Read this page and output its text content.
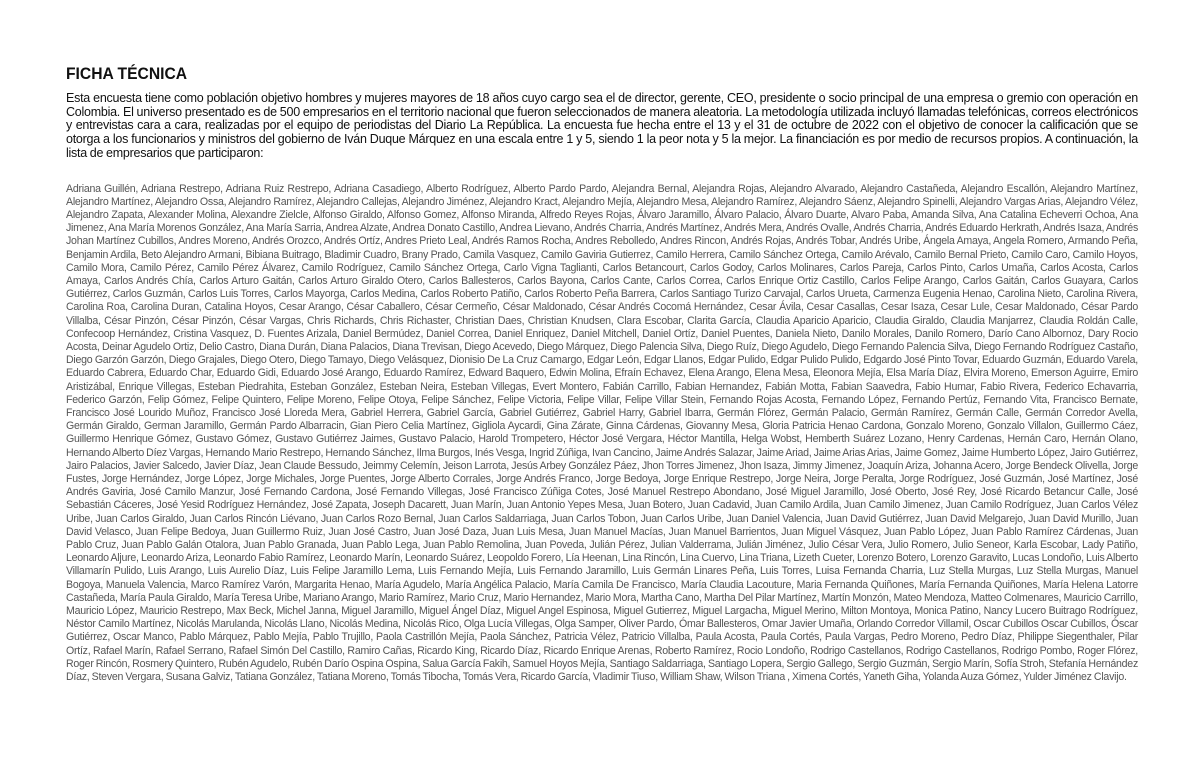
FICHA TÉCNICA

Esta encuesta tiene como población objetivo hombres y mujeres mayores de 18 años cuyo cargo sea el de director, gerente, CEO, presidente o socio principal de una empresa o gremio con operación en Colombia. El universo presentado es de 500 empresarios en el territorio nacional que fueron seleccionados de manera aleatoria. La metodología utilizada incluyó llamadas telefónicas, correos electrónicos y entrevistas cara a cara, realizadas por el equipo de periodistas del Diario La República. La encuesta fue hecha entre el 13 y el 31 de octubre de 2022 con el objetivo de conocer la calificación que se otorga a los funcionarios y ministros del gobierno de Iván Duque Márquez en una escala entre 1 y 5, siendo 1 la peor nota y 5 la mejor. La financiación es por medio de recursos propios. A continuación, la lista de empresarios que participaron:

Adriana Guillén, Adriana Restrepo, Adriana Ruiz Restrepo, Adriana Casadiego, Alberto Rodríguez, Alberto Pardo Pardo, Alejandra Bernal, Alejandra Rojas, Alejandro Alvarado, Alejandro Castañeda, Alejandro Escallón, Alejandro Martínez, Alejandro Martínez, Alejandro Ossa, Alejandro Ramírez, Alejandro Callejas, Alejandro Jiménez, Alejandro Kract, Alejandro Mejía, Alejandro Mesa, Alejandro Ramírez, Alejandro Sáenz, Alejandro Spinelli, Alejandro Vargas Arias, Alejandro Vélez, Alejandro Zapata, Alexander Molina, Alexandre Zielcle, Alfonso Giraldo, Alfonso Gomez, Alfonso Miranda, Alfredo Reyes Rojas, Álvaro Jaramillo, Álvaro Palacio, Álvaro Duarte, Alvaro Paba, Amanda Silva, Ana Catalina Echeverri Ochoa, Ana Jimenez, Ana María Morenos González, Ana María Sarria, Andrea Alzate, Andrea Donato Castillo, Andrea Lievano, Andrés Charria, Andrés Martínez, Andrés Mera, Andrés Ovalle, Andrés Charria, Andrés Eduardo Herkrath, Andrés Isaza, Andrés Johan Martínez Cubillos, Andres Moreno, Andrés Orozco, Andrés Ortíz, Andres Prieto Leal, Andrés Ramos Rocha, Andres Rebolledo, Andres Rincon, Andrés Rojas, Andrés Tobar, Andrés Uribe, Ángela Amaya, Angela Romero, Armando Peña, Benjamin Ardila, Beto Alejandro Armani, Bibiana Buitrago, Bladimir Cuadro, Brany Prado, Camila Vasquez, Camilo Gaviria Gutierrez, Camilo Herrera, Camilo Sánchez Ortega, Camilo Arévalo, Camilo Bernal Prieto, Camilo Caro, Camilo Hoyos, Camilo Mora, Camilo Pérez, Camilo Pérez Álvarez, Camilo Rodríguez, Camilo Sánchez Ortega, Carlo Vigna Taglianti, Carlos Betancourt, Carlos Godoy, Carlos Molinares, Carlos Pareja, Carlos Pinto, Carlos Umaña, Carlos Acosta, Carlos Amaya, Carlos Andrés Chía, Carlos Arturo Gaitán, Carlos Arturo Giraldo Otero, Carlos Ballesteros, Carlos Bayona, Carlos Cante, Carlos Correa, Carlos Enrique Ortiz Castillo, Carlos Felipe Arango, Carlos Gaitán, Carlos Guayara, Carlos Gutiérrez, Carlos Guzmán, Carlos Luis Torres, Carlos Mayorga, Carlos Medina, Carlos Roberto Patiño, Carlos Roberto Peña Barrera, Carlos Santiago Turizo Carvajal, Carlos Urueta, Carmenza Eugenia Henao, Carolina Nieto, Carolina Rivera, Carolina Roa, Carolina Duran, Catalina Hoyos, Cesar Arango, César Caballero, César Cermeño, César Maldonado, César Andrés Cocomá Hernández, Cesar Ávila, Cesar Casallas, Cesar Isaza, Cesar Lule, Cesar Maldonado, César Pardo Villalba, César Pinzón, César Pinzón, César Vargas, Chris Richards, Chris Richaster, Christian Daes, Christian Knudsen, Clara Escobar, Clarita García, Claudia Aparicio Aparicio, Claudia Giraldo, Claudia Manjarrez, Claudia Roldán Calle, Confecoop Hernández, Cristina Vasquez, D. Fuentes Arizala, Daniel Bermúdez, Daniel Correa, Daniel Enriquez, Daniel Mitchell, Daniel Ortíz, Daniel Puentes, Daniela Nieto, Danilo Morales, Danilo Romero, Darío Cano Albornoz, Dary Rocio Acosta, Deinar Agudelo Ortiz, Delio Castro, Diana Durán, Diana Palacios, Diana Trevisan, Diego Acevedo, Diego Márquez, Diego Palencia Silva, Diego Ruíz, Diego Agudelo, Diego Fernando Palencia Silva, Diego Fernando Rodríguez Castaño, Diego Garzón Garzón, Diego Grajales, Diego Otero, Diego Tamayo, Diego Velásquez, Dionisio De La Cruz Camargo, Edgar León, Edgar Llanos, Edgar Pulido, Edgar Pulido Pulido, Edgardo José Pinto Tovar, Eduardo Guzmán, Eduardo Varela, Eduardo Cabrera, Eduardo Char, Eduardo Gidi, Eduardo José Arango, Eduardo Ramírez, Edward Baquero, Edwin Molina, Efraín Echavez, Elena Arango, Elena Mesa, Eleonora Mejía, Elsa María Díaz, Elvira Moreno, Emerson Aguirre, Emiro Aristizábal, Enrique Villegas, Esteban Piedrahita, Esteban González, Esteban Neira, Esteban Villegas, Evert Montero, Fabián Carrillo, Fabian Hernandez, Fabián Motta, Fabian Saavedra, Fabio Humar, Fabio Rivera, Federico Echavarria, Federico Garzón, Felip Gómez, Felipe Quintero, Felipe Moreno, Felipe Otoya, Felipe Sánchez, Felipe Victoria, Felipe Villar, Felipe Villar Stein, Fernando Rojas Acosta, Fernando López, Fernando Pertúz, Fernando Vita, Francisco Bernate, Francisco José Lourido Muñoz, Francisco José Lloreda Mera, Gabriel Herrera, Gabriel García, Gabriel Gutiérrez, Gabriel Harry, Gabriel Ibarra, Germán Flórez, Germán Palacio, Germán Ramírez, Germán Calle, Germán Corredor Avella, Germán Giraldo, German Jaramillo, Germán Pardo Albarracin, Gian Piero Celia Martínez, Gigliola Aycardi, Gina Zárate, Ginna Cárdenas, Giovanny Mesa, Gloria Patricia Henao Cardona, Gonzalo Moreno, Gonzalo Villalon, Guillermo Cáez, Guillermo Henrique Gómez, Gustavo Gómez, Gustavo Gutiérrez Jaimes, Gustavo Palacio, Harold Trompetero, Héctor José Vergara, Héctor Mantilla, Helga Wobst, Hemberth Suárez Lozano, Henry Cardenas, Hernán Caro, Hernán Olano, Hernando Alberto Díez Vargas, Hernando Mario Restrepo, Hernando Sánchez, Ilma Burgos, Inés Vesga, Ingrid Zúñiga, Ivan Cancino, Jaime Andrés Salazar, Jaime Ariad, Jaime Arias Arias, Jaime Gomez, Jaime Humberto López, Jairo Gutiérrez, Jairo Palacios, Javier Salcedo, Javier Díaz, Jean Claude Bessudo, Jeimmy Celemín, Jeison Larrota, Jesús Arbey González Páez, Jhon Torres Jimenez, Jhon Isaza, Jimmy Jimenez, Joaquín Ariza, Johanna Acero, Jorge Bendeck Olivella, Jorge Fustes, Jorge Hernández, Jorge López, Jorge Michales, Jorge Puentes, Jorge Alberto Corrales, Jorge Andrés Franco, Jorge Bedoya, Jorge Enrique Restrepo, Jorge Neira, Jorge Peralta, Jorge Rodríguez, José Guzmán, José Martínez, José Andrés Gaviria, José Camilo Manzur, José Fernando Cardona, José Fernando Villegas, José Francisco Zúñiga Cotes, José Manuel Restrepo Abondano, José Miguel Jaramillo, José Oberto, José Rey, José Ricardo Betancur Calle, José Sebastián Cáceres, José Yesid Rodríguez Hernández, José Zapata, Joseph Dacarett, Juan Marín, Juan Antonio Yepes Mesa, Juan Botero, Juan Cadavid, Juan Camilo Ardila, Juan Camilo Jimenez, Juan Camilo Rodríguez, Juan Carlos Vélez Uribe, Juan Carlos Giraldo, Juan Carlos Rincón Liévano, Juan Carlos Rozo Bernal, Juan Carlos Saldarriaga, Juan Carlos Tobon, Juan Carlos Uribe, Juan Daniel Valencia, Juan David Gutiérrez, Juan David Melgarejo, Juan David Murillo, Juan David Velasco, Juan Felipe Bedoya, Juan Guillermo Ruiz, Juan José Castro, Juan José Daza, Juan Luis Mesa, Juan Manuel Macías, Juan Manuel Barrientos, Juan Miguel Vásquez, Juan Pablo López, Juan Pablo Ramírez Cárdenas, Juan Pablo Cruz, Juan Pablo Galán Otalora, Juan Pablo Granada, Juan Pablo Lega, Juan Pablo Remolina, Juan Poveda, Julián Pérez, Julian Valderrama, Julián Jiménez, Julio César Vera, Julio Romero, Julio Seneor, Karla Escobar, Lady Patiño, Leonardo Aljure, Leonardo Ariza, Leonardo Fabio Ramírez, Leonardo Marín, Leonardo Suárez, Leopoldo Forero, Lía Heenan, Lina Rincón, Lina Cuervo, Lina Triana, Lizeth Cueter, Lorenzo Botero, Lorenzo Garavito, Lucas Londoño, Luis Alberto Villamarín Pulido, Luis Arango, Luis Aurelio Díaz, Luis Felipe Jaramillo Lema, Luis Fernando Mejía, Luis Fernando Jaramillo, Luis Germán Linares Peña, Luis Torres, Luisa Fernanda Charria, Luz Stella Murgas, Luz Stella Murgas, Manuel Bogoya, Manuela Valencia, Marco Ramírez Varón, Margarita Henao, María Agudelo, María Angélica Palacio, María Camila De Francisco, María Claudia Lacouture, Maria Fernanda Quiñones, María Fernanda Quiñones, María Helena Latorre Castañeda, María Paula Giraldo, María Teresa Uribe, Mariano Arango, Mario Ramírez, Mario Cruz, Mario Hernandez, Mario Mora, Martha Cano, Martha Del Pilar Martínez, Martín Monzón, Mateo Mendoza, Matteo Colmenares, Mauricio Carrillo, Mauricio López, Mauricio Restrepo, Max Beck, Michel Janna, Miguel Jaramillo, Miguel Ángel Díaz, Miguel Angel Espinosa, Miguel Gutierrez, Miguel Largacha, Miguel Merino, Milton Montoya, Monica Patino, Nancy Lucero Buitrago Rodríguez, Néstor Camilo Martínez, Nicolás Marulanda, Nicolás Llano, Nicolás Medina, Nicolás Rico, Olga Lucía Villegas, Olga Samper, Oliver Pardo, Ómar Ballesteros, Omar Javier Umaña, Orlando Corredor Villamil, Oscar Cubillos Oscar Cubillos, Óscar Gutiérrez, Oscar Manco, Pablo Márquez, Pablo Mejía, Pablo Trujillo, Paola Castrillón Mejía, Paola Sánchez, Patricia Vélez, Patricio Villalba, Paula Acosta, Paula Cortés, Paula Vargas, Pedro Moreno, Pedro Díaz, Philippe Siegenthaler, Pilar Ortíz, Rafael Marín, Rafael Serrano, Rafael Simón Del Castillo, Ramiro Cañas, Ricardo King, Ricardo Díaz, Ricardo Enrique Arenas, Roberto Ramírez, Rocio Londoño, Rodrigo Castellanos, Rodrigo Castellanos, Rodrigo Pombo, Roger Flórez, Roger Rincón, Rosmery Quintero, Rubén Agudelo, Rubén Darío Ospina Ospina, Salua García Fakih, Samuel Hoyos Mejía, Santiago Saldarriaga, Santiago Lopera, Sergio Gallego, Sergio Guzmán, Sergio Marín, Sofía Stroh, Stefanía Hernández Díaz, Steven Vergara, Susana Galviz, Tatiana González, Tatiana Moreno, Tomás Tibocha, Tomás Vera, Ricardo García, Vladimir Tiuso, William Shaw, Wilson Triana , Ximena Cortés, Yaneth Giha, Yolanda Auza Gómez, Yulder Jiménez Clavijo.
